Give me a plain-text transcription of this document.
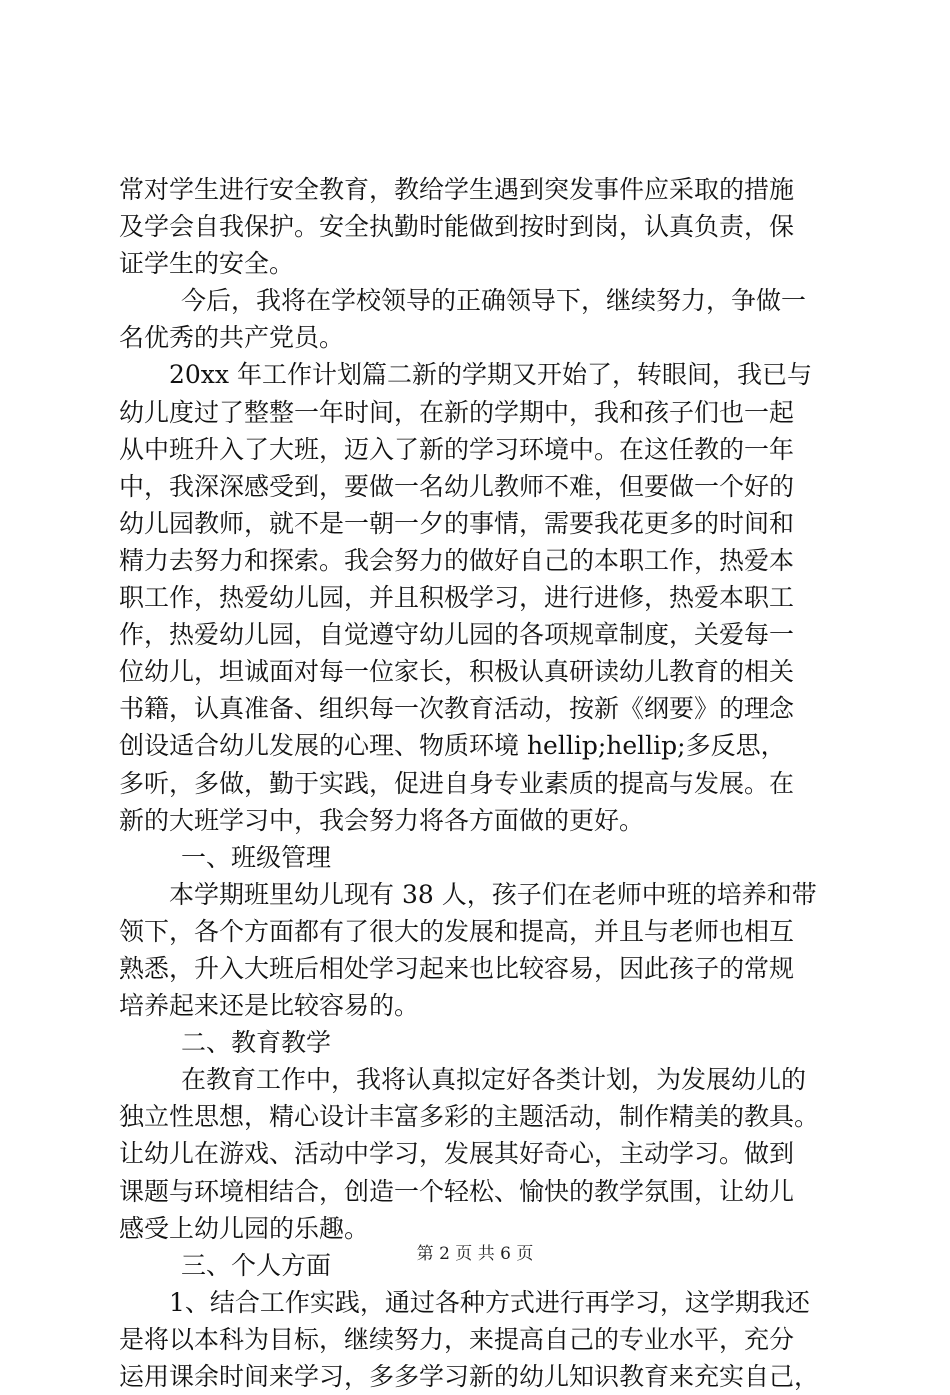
常对学生进行安全教育，教给学生遇到突发事件应采取的措施
及学会自我保护。安全执勤时能做到按时到岗，认真负责，保
证学生的安全。
今后，我将在学校领导的正确领导下，继续努力，争做一
名优秀的共产党员。
20xx 年工作计划篇二新的学期又开始了，转眼间，我已与
幼儿度过了整整一年时间，在新的学期中，我和孩子们也一起
从中班升入了大班，迈入了新的学习环境中。在这任教的一年
中，我深深感受到，要做一名幼儿教师不难，但要做一个好的
幼儿园教师，就不是一朝一夕的事情，需要我花更多的时间和
精力去努力和探索。我会努力的做好自己的本职工作，热爱本
职工作，热爱幼儿园，并且积极学习，进行进修，热爱本职工
作，热爱幼儿园，自觉遵守幼儿园的各项规章制度，关爱每一
位幼儿，坦诚面对每一位家长，积极认真研读幼儿教育的相关
书籍，认真准备、组织每一次教育活动，按新《纲要》的理念
创设适合幼儿发展的心理、物质环境 hellip;hellip;多反思，
多听，多做，勤于实践，促进自身专业素质的提高与发展。在
新的大班学习中，我会努力将各方面做的更好。
一、班级管理
本学期班里幼儿现有 38 人，孩子们在老师中班的培养和带
领下，各个方面都有了很大的发展和提高，并且与老师也相互
熟悉，升入大班后相处学习起来也比较容易，因此孩子的常规
培养起来还是比较容易的。
二、教育教学
在教育工作中，我将认真拟定好各类计划，为发展幼儿的
独立性思想，精心设计丰富多彩的主题活动，制作精美的教具。
让幼儿在游戏、活动中学习，发展其好奇心，主动学习。做到
课题与环境相结合，创造一个轻松、愉快的教学氛围，让幼儿
感受上幼儿园的乐趣。
三、个人方面
1、结合工作实践，通过各种方式进行再学习，这学期我还
是将以本科为目标，继续努力，来提高自己的专业水平，充分
运用课余时间来学习，多多学习新的幼儿知识教育来充实自己，
第 2 页 共 6 页
